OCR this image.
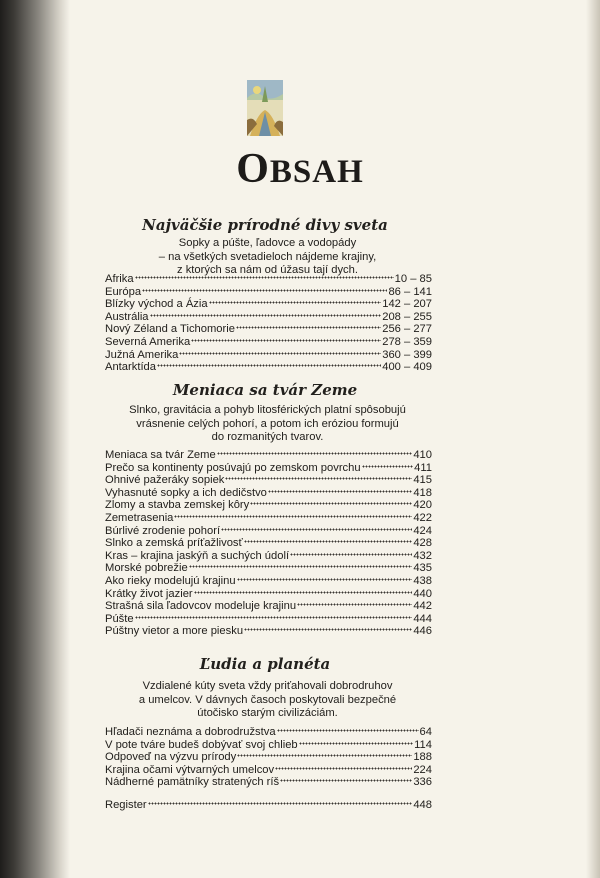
OBSAH
Najväčšie prírodné divy sveta
Sopky a púšte, ľadovce a vodopády
– na všetkých svetadieloch nájdeme krajiny,
z ktorých sa nám od úžasu tají dych.
Afrika	10 – 85
Európa	86 – 141
Blízky východ a Ázia	142 – 207
Austrália	208 – 255
Nový Zéland a Tichomorie	256 – 277
Severná Amerika	278 – 359
Južná Amerika	360 – 399
Antarktída	400 – 409
Meniaca sa tvár Zeme
Slnko, gravitácia a pohyb litosférických platní spôsobujú
vrásnenie celých pohorí, a potom ich eróziou formujú
do rozmanitých tvarov.
Meniaca sa tvár Zeme	410
Prečo sa kontinenty posúvajú po zemskom povrchu	411
Ohnivé pažeráky sopiek	415
Vyhasnuté sopky a ich dedičstvo	418
Zlomy a stavba zemskej kôry	420
Zemetrasenia	422
Búrlivé zrodenie pohorí	424
Slnko a zemská príťažlivosť	428
Kras – krajina jaskýň a suchých údolí	432
Morské pobrežie	435
Ako rieky modelujú krajinu	438
Krátky život jazier	440
Strašná sila ľadovcov modeluje krajinu	442
Púšte	444
Púštny vietor a more piesku	446
Ľudia a planéta
Vzdialené kúty sveta vždy priťahovali dobrodruhov
a umelcov. V dávnych časoch poskytovali bezpečné
útočisko starým civilizáciám.
Hľadači neznáma a dobrodružstva	64
V pote tváre budeš dobývať svoj chlieb	114
Odpoveď na výzvu prírody	188
Krajina očami výtvarných umelcov	224
Nádherné pamätníky stratených ríš	336
Register	448
